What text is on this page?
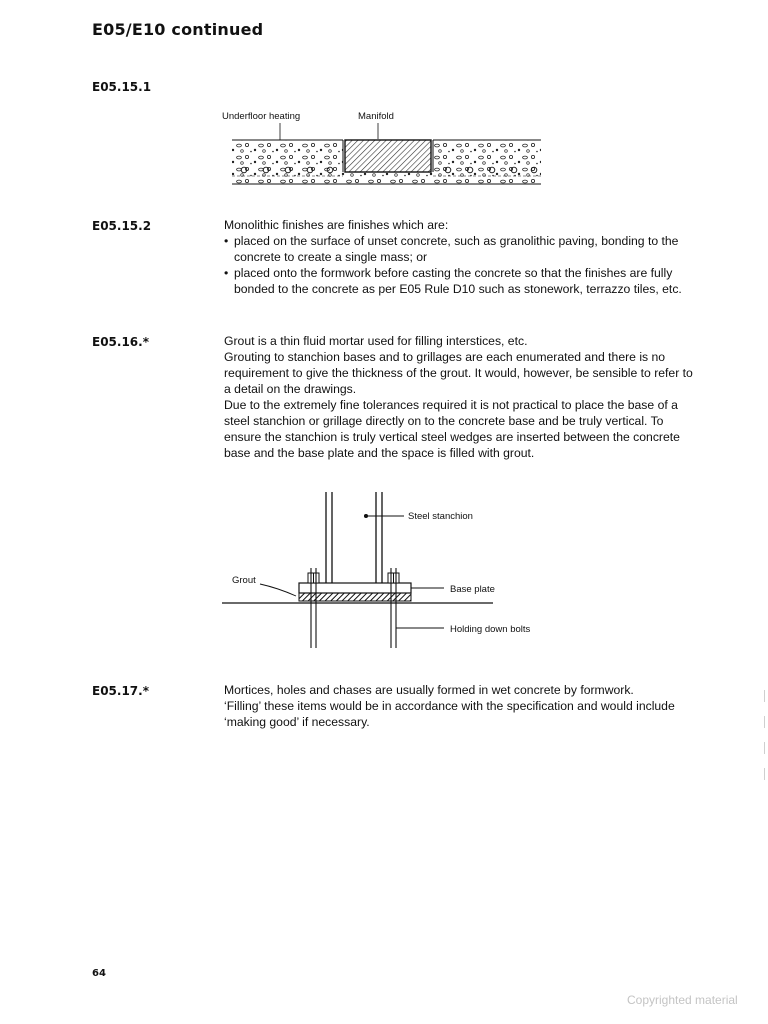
E05/E10 continued
E05.15.1
Underfloor heating	Manifold
E05.15.2	Monolithic finishes are finishes which are:

• placed on the surface of unset concrete, such as granolithic paving, bonding to the concrete to create a single mass; or
• placed onto the formwork before casting the concrete so that the finishes are fully bonded to the concrete as per E05 Rule D10 such as stonework, terrazzo tiles, etc.
E05.16.*	Grout is a thin fluid mortar used for filling interstices, etc.

Grouting to stanchion bases and to grillages are each enumerated and there is no requirement to give the thickness of the grout. It would, however, be sensible to refer to a detail on the drawings.

Due to the extremely fine tolerances required it is not practical to place the base of a steel stanchion or grillage directly on to the concrete base and be truly vertical. To ensure the stanchion is truly vertical steel wedges are inserted between the concrete base and the base plate and the space is filled with grout.

Steel stanchion
Grout
Base plate
Holding down bolts
E05.17.*	Mortices, holes and chases are usually formed in wet concrete by formwork.

‘Filling’ these items would be in accordance with the specification and would include ‘making good’ if necessary.

64
Copyrighted material
